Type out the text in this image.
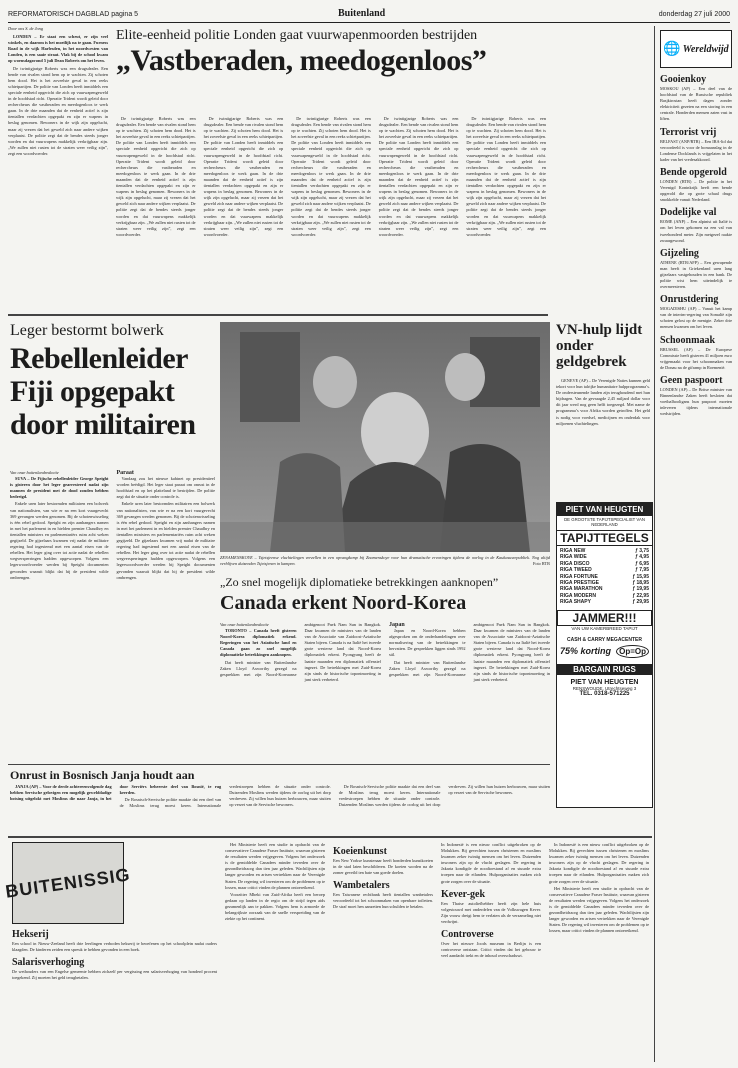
REFORMATORISCH DAGBLAD pagina 5	Buitenland	donderdag 27 juli 2000
Door ons S. de Jong

LONDEN – Er staat een scheut, er zijn veel winkels, en daarom is het moeilijk na te gaan. Furness Road in de wijk Harlesden, in het noordwesten van Londen, is een saaie straat. Vlak bij de school kwam op woensdagavond 5 juli Dean Roberts om het leven.

De twintigjarige Roberts was een drugsdealer. Een bende van rivalen stond hem op te wachten. Zij schoten hem dood. Het is het zoveelste geval in een reeks schietpartijen. De politie van Londen heeft inmiddels een speciale eenheid opgericht die zich op vuurwapengeweld in de hoofdstad richt. Operatie Trident wordt geleid door rechercheurs die vastberaden en meedogenloos te werk gaan. In de drie maanden dat de eenheid actief is zijn tientallen verdachten opgepakt en zijn er wapens in beslag genomen. Bewoners in de wijk zijn opgelucht, maar zij vrezen dat het geweld zich naar andere wijken verplaatst. De politie zegt dat de bendes steeds jonger worden en dat vuurwapens makkelijk verkrijgbaar zijn. „We zullen niet rusten tot de straten weer veilig zijn”, zegt een woordvoerder.

Elite-eenheid politie Londen gaat vuurwapenmoorden bestrijden
„Vastberaden, meedogenloos”

De twintigjarige Roberts was een drugsdealer. Een bende van rivalen stond hem op te wachten. Zij schoten hem dood. Het is het zoveelste geval in een reeks schietpartijen. De politie van Londen heeft inmiddels een speciale eenheid opgericht die zich op vuurwapengeweld in de hoofdstad richt. Operatie Trident wordt geleid door rechercheurs die vastberaden en meedogenloos te werk gaan. In de drie maanden dat de eenheid actief is zijn tientallen verdachten opgepakt en zijn er wapens in beslag genomen. Bewoners in de wijk zijn opgelucht, maar zij vrezen dat het geweld zich naar andere wijken verplaatst. De politie zegt dat de bendes steeds jonger worden en dat vuurwapens makkelijk verkrijgbaar zijn. „We zullen niet rusten tot de straten weer veilig zijn”, zegt een woordvoerder.

De twintigjarige Roberts was een drugsdealer. Een bende van rivalen stond hem op te wachten. Zij schoten hem dood. Het is het zoveelste geval in een reeks schietpartijen. De politie van Londen heeft inmiddels een speciale eenheid opgericht die zich op vuurwapengeweld in de hoofdstad richt. Operatie Trident wordt geleid door rechercheurs die vastberaden en meedogenloos te werk gaan. In de drie maanden dat de eenheid actief is zijn tientallen verdachten opgepakt en zijn er wapens in beslag genomen. Bewoners in de wijk zijn opgelucht, maar zij vrezen dat het geweld zich naar andere wijken verplaatst. De politie zegt dat de bendes steeds jonger worden en dat vuurwapens makkelijk verkrijgbaar zijn. „We zullen niet rusten tot de straten weer veilig zijn”, zegt een woordvoerder.

De twintigjarige Roberts was een drugsdealer. Een bende van rivalen stond hem op te wachten. Zij schoten hem dood. Het is het zoveelste geval in een reeks schietpartijen. De politie van Londen heeft inmiddels een speciale eenheid opgericht die zich op vuurwapengeweld in de hoofdstad richt. Operatie Trident wordt geleid door rechercheurs die vastberaden en meedogenloos te werk gaan. In de drie maanden dat de eenheid actief is zijn tientallen verdachten opgepakt en zijn er wapens in beslag genomen. Bewoners in de wijk zijn opgelucht, maar zij vrezen dat het geweld zich naar andere wijken verplaatst. De politie zegt dat de bendes steeds jonger worden en dat vuurwapens makkelijk verkrijgbaar zijn. „We zullen niet rusten tot de straten weer veilig zijn”, zegt een woordvoerder.

De twintigjarige Roberts was een drugsdealer. Een bende van rivalen stond hem op te wachten. Zij schoten hem dood. Het is het zoveelste geval in een reeks schietpartijen. De politie van Londen heeft inmiddels een speciale eenheid opgericht die zich op vuurwapengeweld in de hoofdstad richt. Operatie Trident wordt geleid door rechercheurs die vastberaden en meedogenloos te werk gaan. In de drie maanden dat de eenheid actief is zijn tientallen verdachten opgepakt en zijn er wapens in beslag genomen. Bewoners in de wijk zijn opgelucht, maar zij vrezen dat het geweld zich naar andere wijken verplaatst. De politie zegt dat de bendes steeds jonger worden en dat vuurwapens makkelijk verkrijgbaar zijn. „We zullen niet rusten tot de straten weer veilig zijn”, zegt een woordvoerder.

De twintigjarige Roberts was een drugsdealer. Een bende van rivalen stond hem op te wachten. Zij schoten hem dood. Het is het zoveelste geval in een reeks schietpartijen. De politie van Londen heeft inmiddels een speciale eenheid opgericht die zich op vuurwapengeweld in de hoofdstad richt. Operatie Trident wordt geleid door rechercheurs die vastberaden en meedogenloos te werk gaan. In de drie maanden dat de eenheid actief is zijn tientallen verdachten opgepakt en zijn er wapens in beslag genomen. Bewoners in de wijk zijn opgelucht, maar zij vrezen dat het geweld zich naar andere wijken verplaatst. De politie zegt dat de bendes steeds jonger worden en dat vuurwapens makkelijk verkrijgbaar zijn. „We zullen niet rusten tot de straten weer veilig zijn”, zegt een woordvoerder.

Leger bestormt bolwerk
Rebellenleider Fiji opgepakt door militairen
Van onze buitenlandredactie

SUVA – De Fijische rebellenleider George Speight is gisteren door het leger gearresteerd nadat zijn mannen de president met de dood zouden hebben bedreigd.

Enkele uren later bestormden militairen een bolwerk van nationalisten, van wie er na een kort vuurgevecht 369 gevangen werden genomen. Bij de schotenwisseling is één rebel gedood. Speight en zijn aanhangers namen in mei het parlement in en hielden premier Chaudhry en tientallen ministers en parlementariërs ruim acht weken gegijzeld. De gijzelaars kwamen vrij nadat de militaire regering had ingestemd met een aantal eisen van de rebellen. Het leger ging over tot actie nadat de rebellen wegversperringen hadden opgeworpen. Volgens een legerwoordvoerder werden bij Speight documenten gevonden waaruit blijkt dat hij de president wilde ombrengen.

Paraat

Vandaag zou het nieuwe kabinet op presidentieel worden beëdigd. Het leger staat paraat om onrust in de hoofdstad en op het platteland te bestrijden. De politie zegt dat de situatie onder controle is.

Enkele uren later bestormden militairen een bolwerk van nationalisten, van wie er na een kort vuurgevecht 369 gevangen werden genomen. Bij de schotenwisseling is één rebel gedood. Speight en zijn aanhangers namen in mei het parlement in en hielden premier Chaudhry en tientallen ministers en parlementariërs ruim acht weken gegijzeld. De gijzelaars kwamen vrij nadat de militaire regering had ingestemd met een aantal eisen van de rebellen. Het leger ging over tot actie nadat de rebellen wegversperringen hadden opgeworpen. Volgens een legerwoordvoerder werden bij Speight documenten gevonden waaruit blijkt dat hij de president wilde ombrengen.

ZENAMENSKOYE – Tsjetsjeense vluchtelingen verzellen in een opvangkamp bij Znamenskoye voor hun dramatische ervaringen tijdens de oorlog in de Kaukasusrepubliek. Nog altijd verblijven duizenden Tsjetsjenen in kampen.	Foto RTR
VN-hulp lijdt onder geldgebrek

GENEVE (AP) – De Verenigde Naties kunnen geld tekort voor hun talrijke humanitaire hulpprogramma’s. De ondersteunende landen zijn terughoudend met hun bijdragen. Van de gevraagde 2,45 miljard dollar voor dit jaar werd nog geen helft toegezegd. Met name de programma’s voor Afrika worden getroffen. Het geld is nodig voor voedsel, medicijnen en onderdak voor miljoenen vluchtelingen.

PIET VAN HEUGTEN
DE GROOTSTE TAPIJTSPECIALIST VAN NEDERLAND
TAPIJTTEGELS
RIGA NEW	ƒ 3,75
RIGA WIDE	ƒ 4,95
RIGA DISCO	ƒ 6,95
RIGA TWEED	ƒ 7,95
RIGA FORTUNE	ƒ 15,95
RIGA PRESTIGE	ƒ 18,95
RIGA MARATHON	ƒ 19,95
RIGA MODERN	ƒ 22,95
RIGA SHAPY	ƒ 29,95
JAMMER!!!
VAN UW KAMERBREED TAPIJT
CASH & CARRY MEGACENTER
75% korting	Op=Op
BARGAIN RUGS
PIET VAN HEUGTEN
RENSWOUDE, Utrechtseweg 3
TEL. 0318-571225
„Zo snel mogelijk diplomatieke betrekkingen aanknopen”
Canada erkent Noord-Korea
Van onze buitenlandredactie

TORONTO – Canada heeft gisteren Noord-Korea diplomatiek erkend. Regeringen van het Aziatische land en Canada gaan zo snel mogelijk diplomatieke betrekkingen aanknopen.

Dat heeft minister van Buitenlandse Zaken Lloyd Axworthy gezegd na gesprekken met zijn Noord-Koreaanse ambtgenoot Paek Nam Sun in Bangkok. Daar kwamen de ministers van de landen van de Associatie van Zuidoost-Aziatische Staten bijeen. Canada is na Italië het tweede grote westerse land dat Noord-Korea diplomatiek erkent. Pyongyang heeft de laatste maanden een diplomatiek offensief ingezet. De betrekkingen met Zuid-Korea zijn sinds de historische topontmoeting in juni sterk verbeterd.

Japan

Japan en Noord-Korea hebben afgesproken om de onderhandelingen over normalisering van de betrekkingen te hervatten. De gesprekken liggen sinds 1992 stil.

Dat heeft minister van Buitenlandse Zaken Lloyd Axworthy gezegd na gesprekken met zijn Noord-Koreaanse ambtgenoot Paek Nam Sun in Bangkok. Daar kwamen de ministers van de landen van de Associatie van Zuidoost-Aziatische Staten bijeen. Canada is na Italië het tweede grote westerse land dat Noord-Korea diplomatiek erkent. Pyongyang heeft de laatste maanden een diplomatiek offensief ingezet. De betrekkingen met Zuid-Korea zijn sinds de historische topontmoeting in juni sterk verbeterd.

Onrust in Bosnisch Janja houdt aan

JANJA (AP) – Voor de derde achtereenvolgende dag hebben Servische gelovigen een mogelijk gewelddadige botsing uitgelokt met Moslims die naar Janja, in het door Serviërs beheerste deel van Bosnië, te rug keerden.

De Bosnisch-Servische politie maakte dat een deel van de Moslims terug moest keren. Internationale vredestroepen hebben de situatie onder controle. Duizenden Moslims werden tijdens de oorlog uit het dorp verdreven. Zij willen hun huizen herbouwen, maar stuiten op verzet van de Servische bewoners.

De Bosnisch-Servische politie maakte dat een deel van de Moslims terug moest keren. Internationale vredestroepen hebben de situatie onder controle. Duizenden Moslims werden tijdens de oorlog uit het dorp verdreven. Zij willen hun huizen herbouwen, maar stuiten op verzet van de Servische bewoners.

BUITENISSIG
Hekserij
Een school in Nieuw-Zeeland heeft drie leerlingen verboden hekserij te beoefenen op het schoolplein nadat ouders klaagden. De kinderen zeiden een spreuk te hebben gevonden in een boek.
Salarisverhoging
De wethouders van een Engelse gemeente hebben zichzelf per vergissing een salarisverhoging van honderd procent toegekend. Zij moeten het geld terugbetalen.

Het Ministerie heeft een studie in opdracht van de conservatieve Canadese Fraser Institute, waarvan gisteren de resultaten werden vrijgegeven. Volgens het onderzoek is de gemiddelde Canadees minder tevreden over de gezondheidszorg dan tien jaar geleden. Wachtlijsten zijn langer geworden en artsen vertrekken naar de Verenigde Staten. De regering wil investeren om de problemen op te lossen, maar critici vinden de plannen ontoereikend.

Voorzitter Mbeki van Zuid-Afrika heeft een beroep gedaan op landen in de regio om de strijd tegen aids gezamenlijk aan te pakken. Volgens hem is armoede de belangrijkste oorzaak van de snelle verspreiding van de ziekte op het continent.

Koeienkunst
Een New Yorkse kunstenaar heeft honderden kunstkoeien in de stad laten beschilderen. De koeien worden na de zomer geveild ten bate van goede doelen.
Wambetalers
Een Taiwanese rechtbank heeft tientallen wanbetalers veroordeeld tot het schoonmaken van openbare toiletten. De straf moet hen aanzetten hun schulden te betalen.
In Indonesië is een nieuw conflict uitgebroken op de Molukken. Bij gevechten tussen christenen en moslims kwamen zeker twintig mensen om het leven. Duizenden inwoners zijn op de vlucht geslagen. De regering in Jakarta kondigde de noodtoestand af en stuurde extra troepen naar de eilanden. Hulporganisaties maken zich grote zorgen over de situatie.
Kever-gek
Een Thaise autoliefhebber heeft zijn hele huis volgestouwd met onderdelen van de Volkswagen Kever. Zijn vrouw dreigt hem te verlaten als de verzameling niet verdwijnt.
Controverse
Over het nieuwe Joods museum in Berlijn is een controverse ontstaan. Critici vinden dat het gebouw te veel aandacht trekt en de inhoud overschaduwt.

In Indonesië is een nieuw conflict uitgebroken op de Molukken. Bij gevechten tussen christenen en moslims kwamen zeker twintig mensen om het leven. Duizenden inwoners zijn op de vlucht geslagen. De regering in Jakarta kondigde de noodtoestand af en stuurde extra troepen naar de eilanden. Hulporganisaties maken zich grote zorgen over de situatie.

Het Ministerie heeft een studie in opdracht van de conservatieve Canadese Fraser Institute, waarvan gisteren de resultaten werden vrijgegeven. Volgens het onderzoek is de gemiddelde Canadees minder tevreden over de gezondheidszorg dan tien jaar geleden. Wachtlijsten zijn langer geworden en artsen vertrekken naar de Verenigde Staten. De regering wil investeren om de problemen op te lossen, maar critici vinden de plannen ontoereikend.

🌐 Wereldwijd
Gooienkoy
MOSKOU (AP) – Een deel van de hoofdstad van de Russische republiek Basjkirostan heeft dagen zonder elektriciteit gezeten na een storing in een centrale. Honderden mensen zaten vast in liften.
Terrorist vrij
BELFAST (ANP/RTR) – Een IRA-lid dat veroordeeld is voor de bomaanslag in de Londense Docklands is vrijgelaten in het kader van het vredesakkoord.
Bende opgerold
LONDEN (RTR) – De politie in het Verenigd Koninkrijk heeft een bende opgerold die op grote schaal drugs smokkelde vanuit Nederland.
Dodelijke val
ROME (ANP) – Een alpinist uit Italië is om het leven gekomen na een val van tweehonderd meter. Zijn metgezel raakte zwaargewond.
Gijzeling
ATHENE (RTR/AFP) – Een gewapende man heeft in Griekenland uren lang gijzelaars vastgehouden in een bank. De politie wist hem uiteindelijk te overmeesteren.
Onrustdering
MOGADISHU (AP) – Vanuit het kamp van de interim-regering van Somalië zijn schoten gelost op de menigte. Zeker drie mensen kwamen om het leven.
Schoonmaak
BRUSSEL (AP) – De Europese Commissie heeft gisteren 41 miljoen euro vrijgemaakt voor het schoonmaken van de Donau na de giframp in Roemenië.
Geen paspoort
LONDEN (AP) – De Britse minister van Binnenlandse Zaken heeft besloten dat voetbalhooligans hun paspoort moeten inleveren tijdens internationale wedstrijden.
